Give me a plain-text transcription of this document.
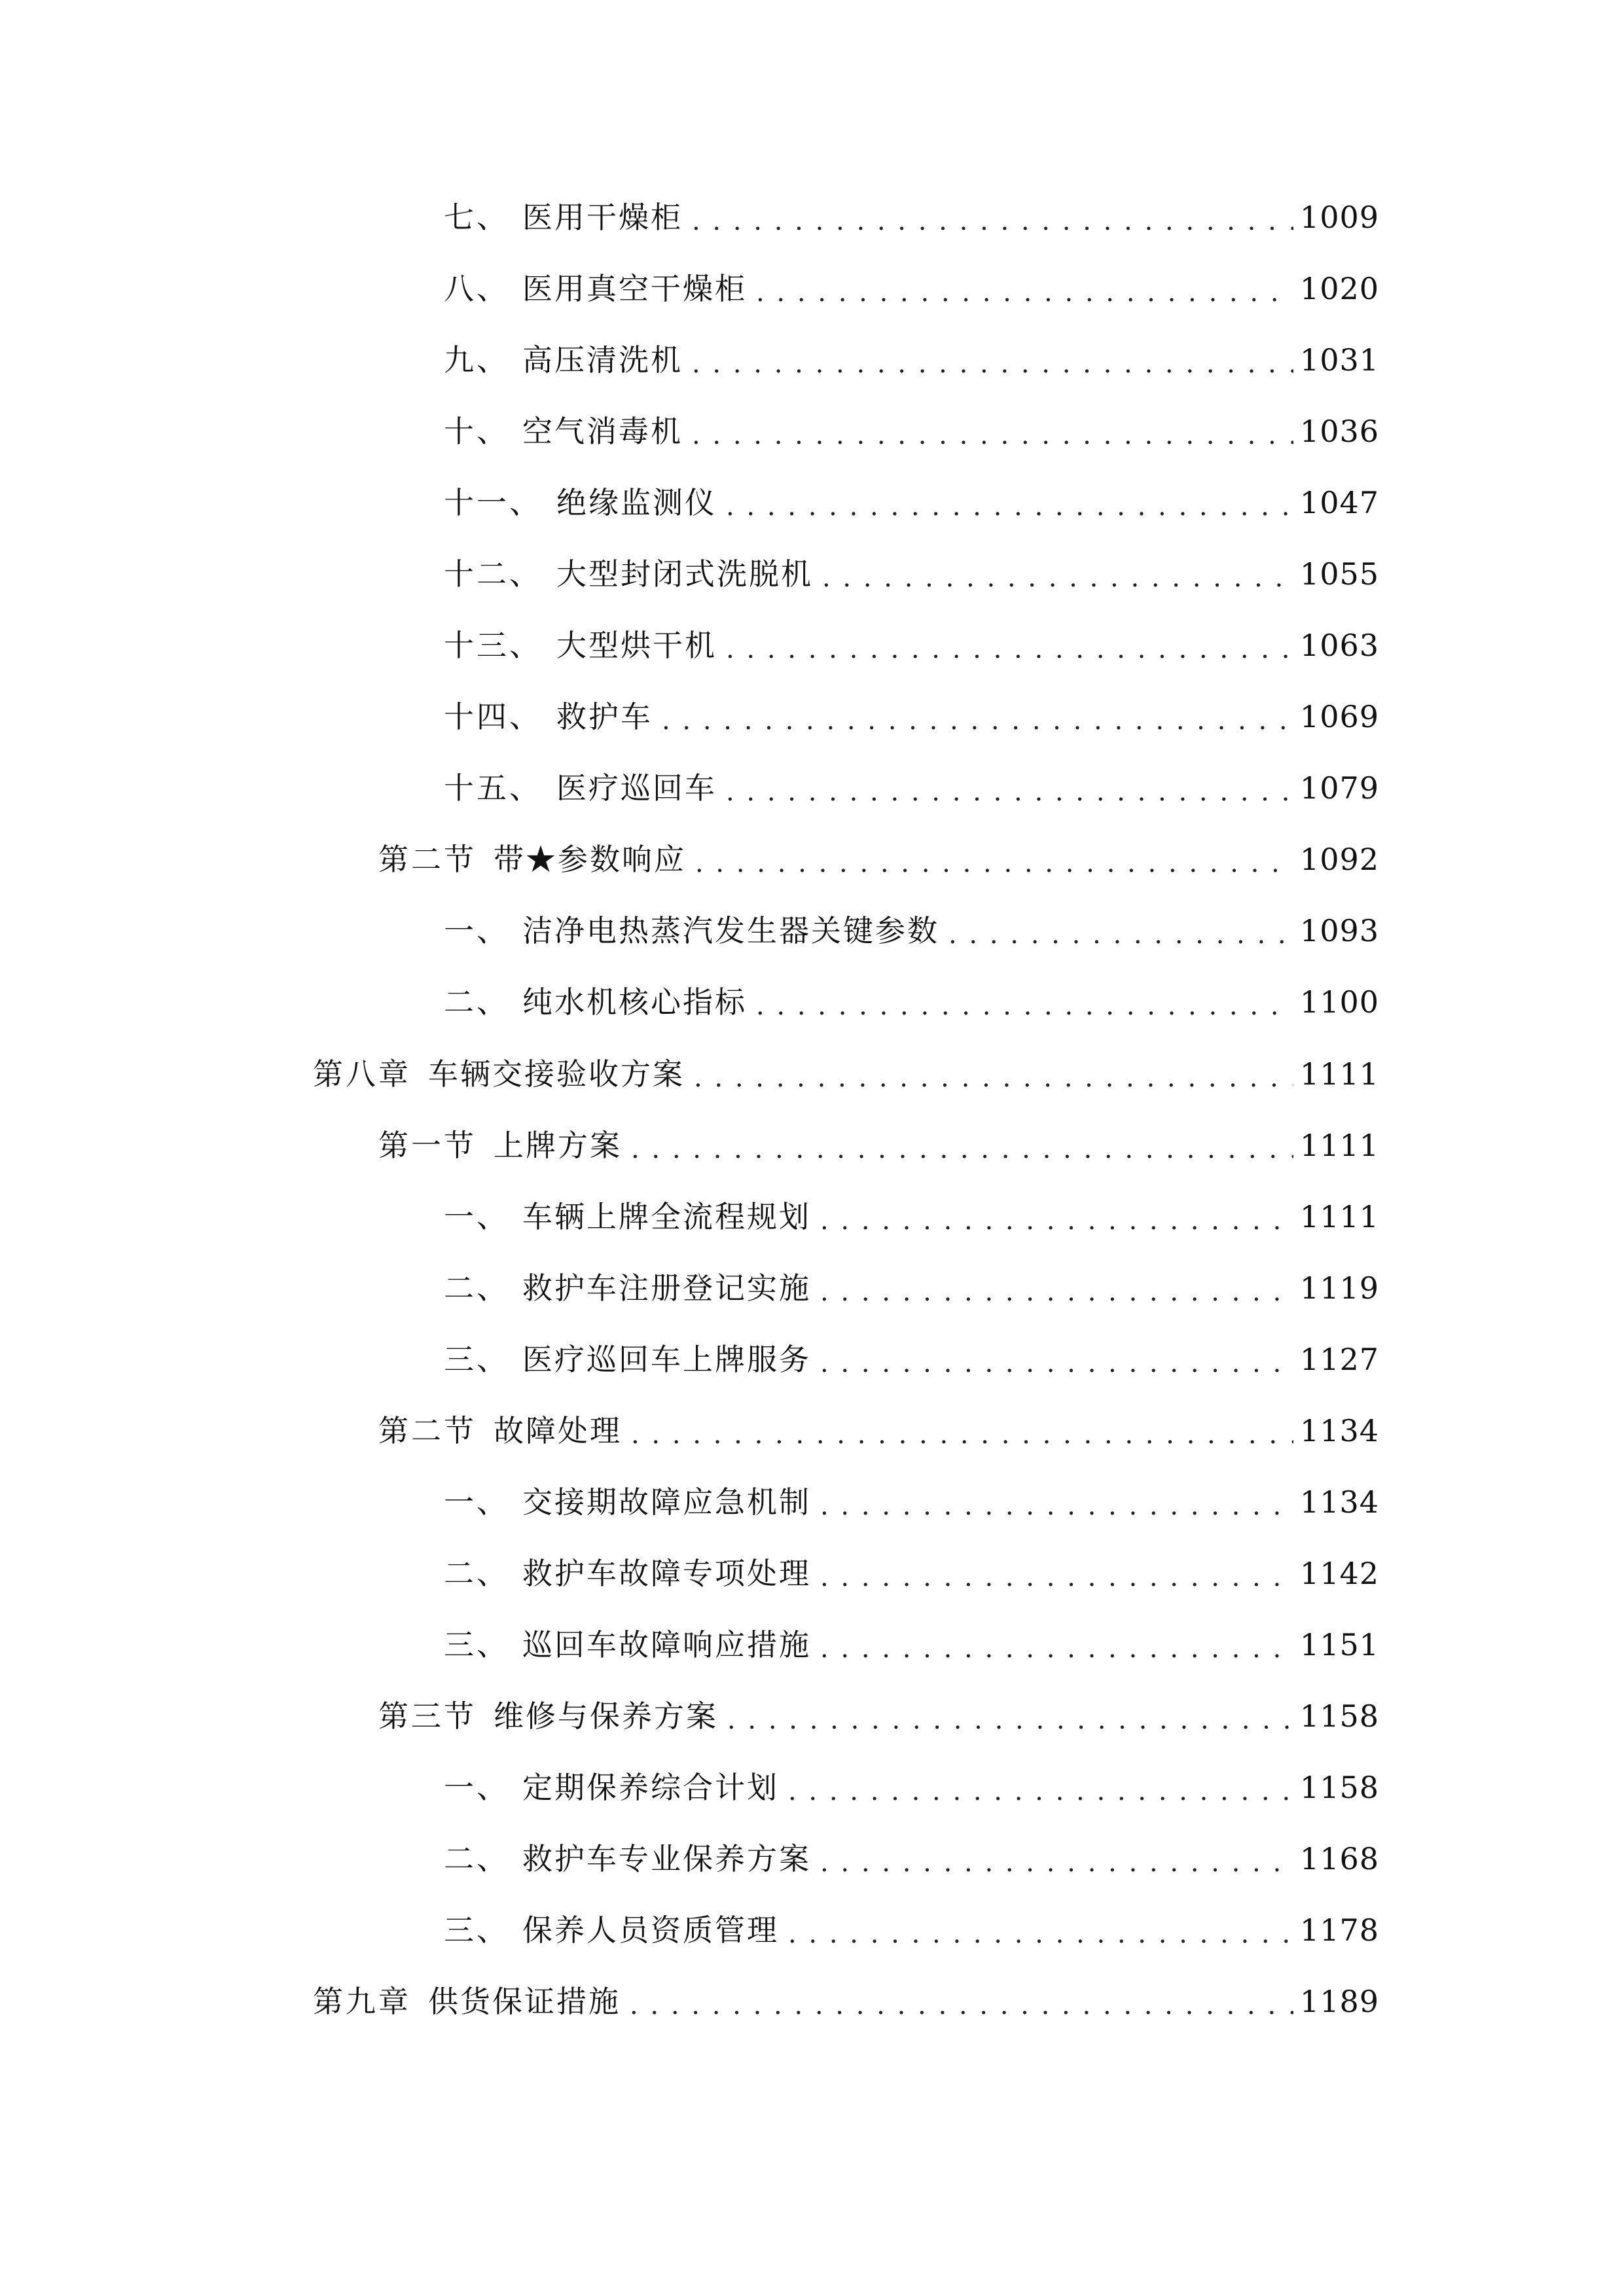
七、 医用干燥柜 . . .	1009
八、 医用真空干燥柜 . . .	1020
九、 高压清洗机 . . .	1031
十、 空气消毒机 . . .	1036
十一、 绝缘监测仪 . . .	1047
十二、 大型封闭式洗脱机 . . .	1055
十三、 大型烘干机 . . .	1063
十四、 救护车 . . .	1069
十五、 医疗巡回车 . . .	1079
第二节 带★参数响应 . . .	1092
一、 洁净电热蒸汽发生器关键参数 . . .	1093
二、 纯水机核心指标 . . .	1100
第八章 车辆交接验收方案 . . .	1111
第一节 上牌方案 . . .	1111
一、 车辆上牌全流程规划 . . .	1111
二、 救护车注册登记实施 . . .	1119
三、 医疗巡回车上牌服务 . . .	1127
第二节 故障处理 . . .	1134
一、 交接期故障应急机制 . . .	1134
二、 救护车故障专项处理 . . .	1142
三、 巡回车故障响应措施 . . .	1151
第三节 维修与保养方案 . . .	1158
一、 定期保养综合计划 . . .	1158
二、 救护车专业保养方案 . . .	1168
三、 保养人员资质管理 . . .	1178
第九章 供货保证措施 . . .	1189
